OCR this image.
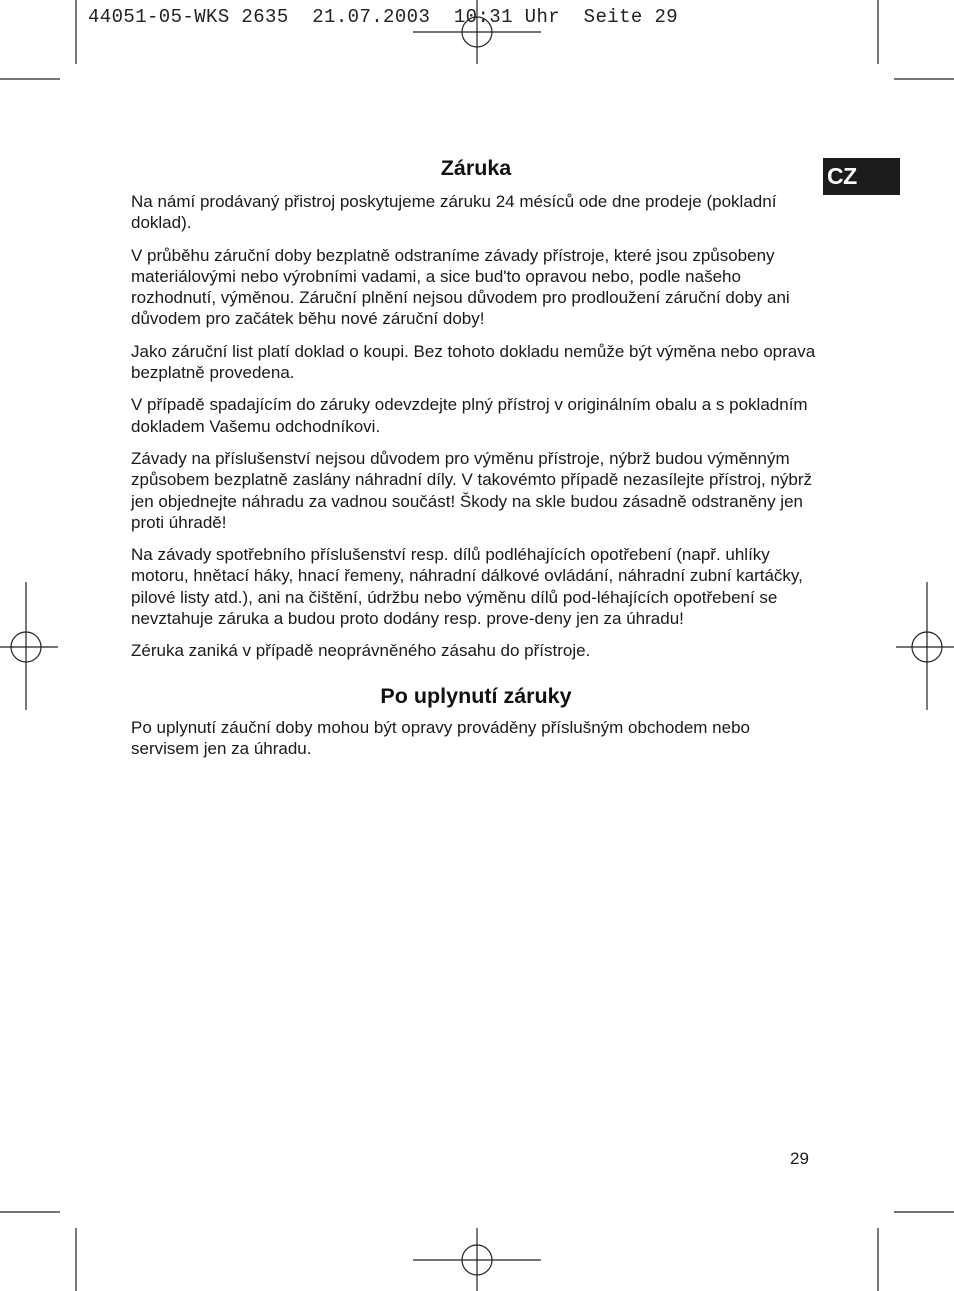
44051-05-WKS 2635  21.07.2003  10:31 Uhr  Seite 29
CZ
Záruka

Na námí prodávaný přistroj poskytujeme záruku 24 mésíců ode dne prodeje (pokladní doklad).

V průběhu záruční doby bezplatně odstraníme závady přístroje, které jsou způsobeny materiálovými nebo výrobními vadami, a sice bud'to opravou nebo, podle našeho rozhodnutí, výměnou. Záruční plnění nejsou důvodem pro prodloužení záruční doby ani důvodem pro začátek běhu nové záruční doby!

Jako záruční list platí doklad o koupi. Bez tohoto dokladu nemůže být výměna nebo oprava bezplatně provedena.

V případě spadajícím do záruky odevzdejte plný přístroj v originálním obalu a s pokladním dokladem Vašemu odchodníkovi.

Závady na příslušenství nejsou důvodem pro výměnu přístroje, nýbrž budou výměnným způsobem bezplatně zaslány náhradní díly. V takovémto případě nezasílejte přístroj, nýbrž jen objednejte náhradu za vadnou součást! Škody na skle budou zásadně odstraněny jen proti úhradě!

Na závady spotřebního příslušenství resp. dílů podléhajících opotřebení (např. uhlíky motoru, hnětací háky, hnací řemeny, náhradní dálkové ovládání, náhradní zubní kartáčky, pilové listy atd.), ani na čištění, údržbu nebo výměnu dílů pod-léhajících opotřebení se nevztahuje záruka a budou proto dodány resp. prove-deny jen za úhradu!

Zéruka zaniká v případě neoprávněného zásahu do přístroje.

Po uplynutí záruky

Po uplynutí záuční doby mohou být opravy prováděny příslušným obchodem nebo servisem jen za úhradu.

29
